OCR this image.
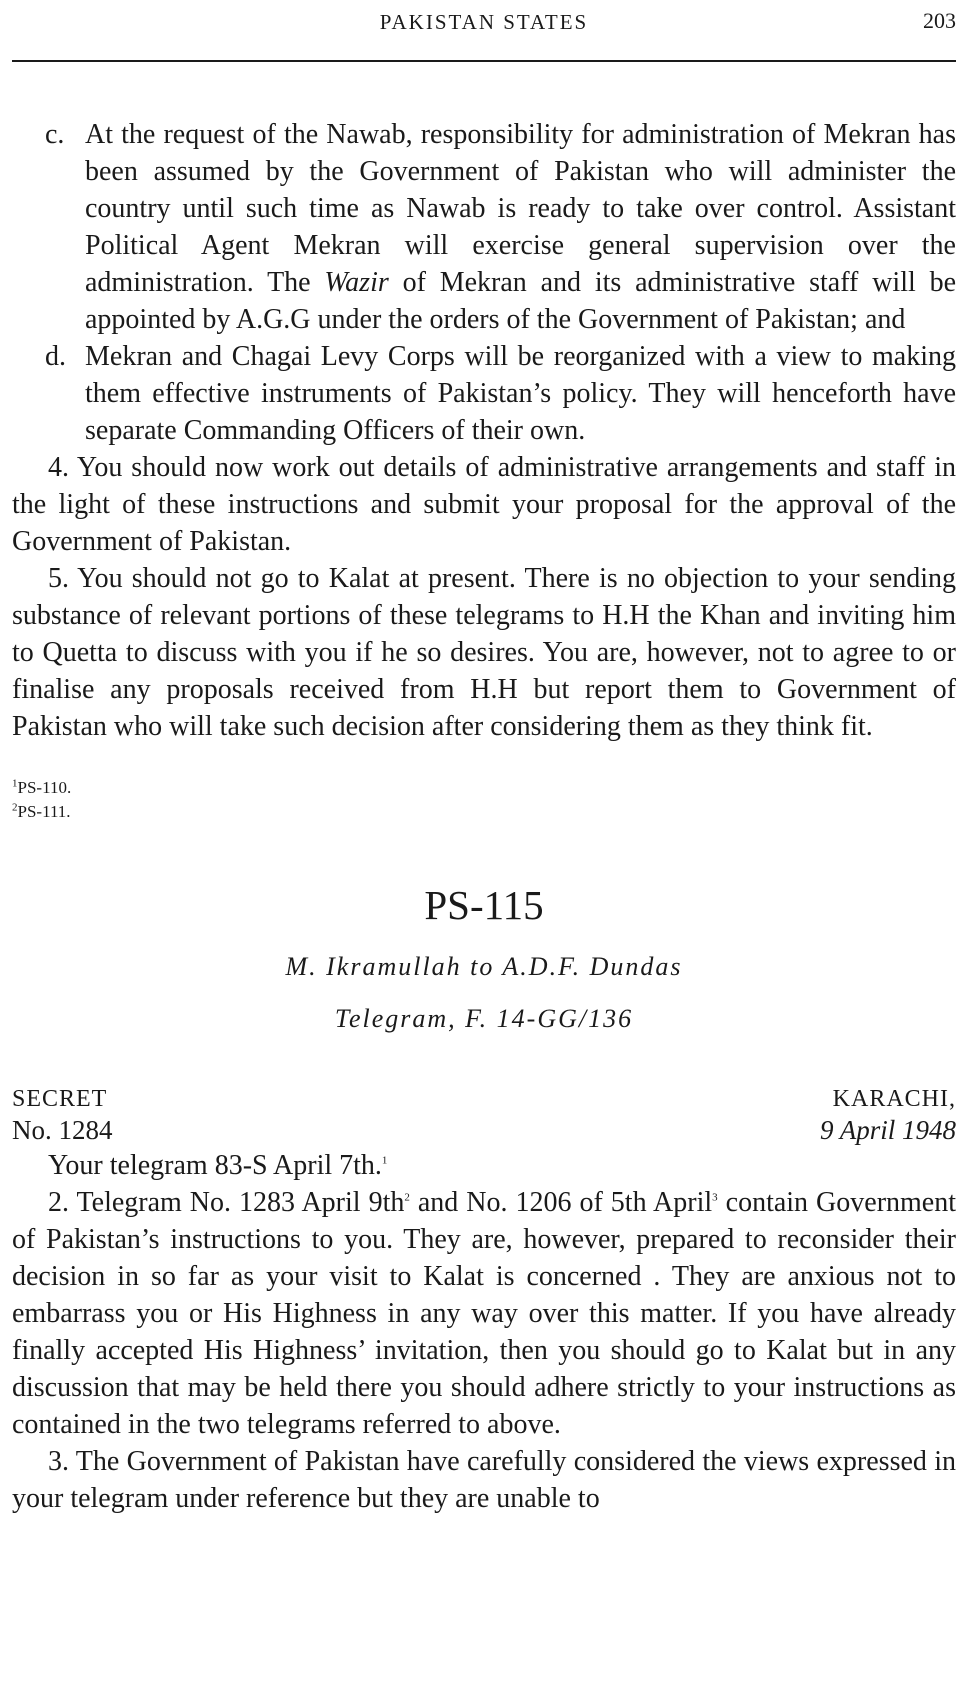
PAKISTAN STATES	203

c. At the request of the Nawab, responsibility for administration of Mekran has been assumed by the Government of Pakistan who will administer the country until such time as Nawab is ready to take over control. Assistant Political Agent Mekran will exercise general supervision over the administration. The Wazir of Mekran and its administrative staff will be appointed by A.G.G under the orders of the Government of Pakistan; and

d. Mekran and Chagai Levy Corps will be reorganized with a view to making them effective instruments of Pakistan’s policy. They will henceforth have separate Commanding Officers of their own.

4. You should now work out details of administrative arrangements and staff in the light of these instructions and submit your proposal for the approval of the Government of Pakistan.

5. You should not go to Kalat at present. There is no objection to your sending substance of relevant portions of these telegrams to H.H the Khan and inviting him to Quetta to discuss with you if he so desires. You are, however, not to agree to or finalise any proposals received from H.H but report them to Government of Pakistan who will take such decision after considering them as they think fit.

$^1$PS-110.
$^2$PS-111.
PS-115
M. Ikramullah to A.D.F. Dundas
Telegram, F. 14-GG/136
SECRET	KARACHI,
No. 1284	9 April 1948

Your telegram 83-S April 7th.$^1$

2. Telegram No. 1283 April $9th^2$ and No. 1206 of 5th April$^3$ contain Government of Pakistan’s instructions to you. They are, however, prepared to reconsider their decision in so far as your visit to Kalat is concerned . They are anxious not to embarrass you or His Highness in any way over this matter. If you have already finally accepted His Highness’ invitation, then you should go to Kalat but in any discussion that may be held there you should adhere strictly to your instructions as contained in the two telegrams referred to above.

3. The Government of Pakistan have carefully considered the views expressed in your telegram under reference but they are unable to
